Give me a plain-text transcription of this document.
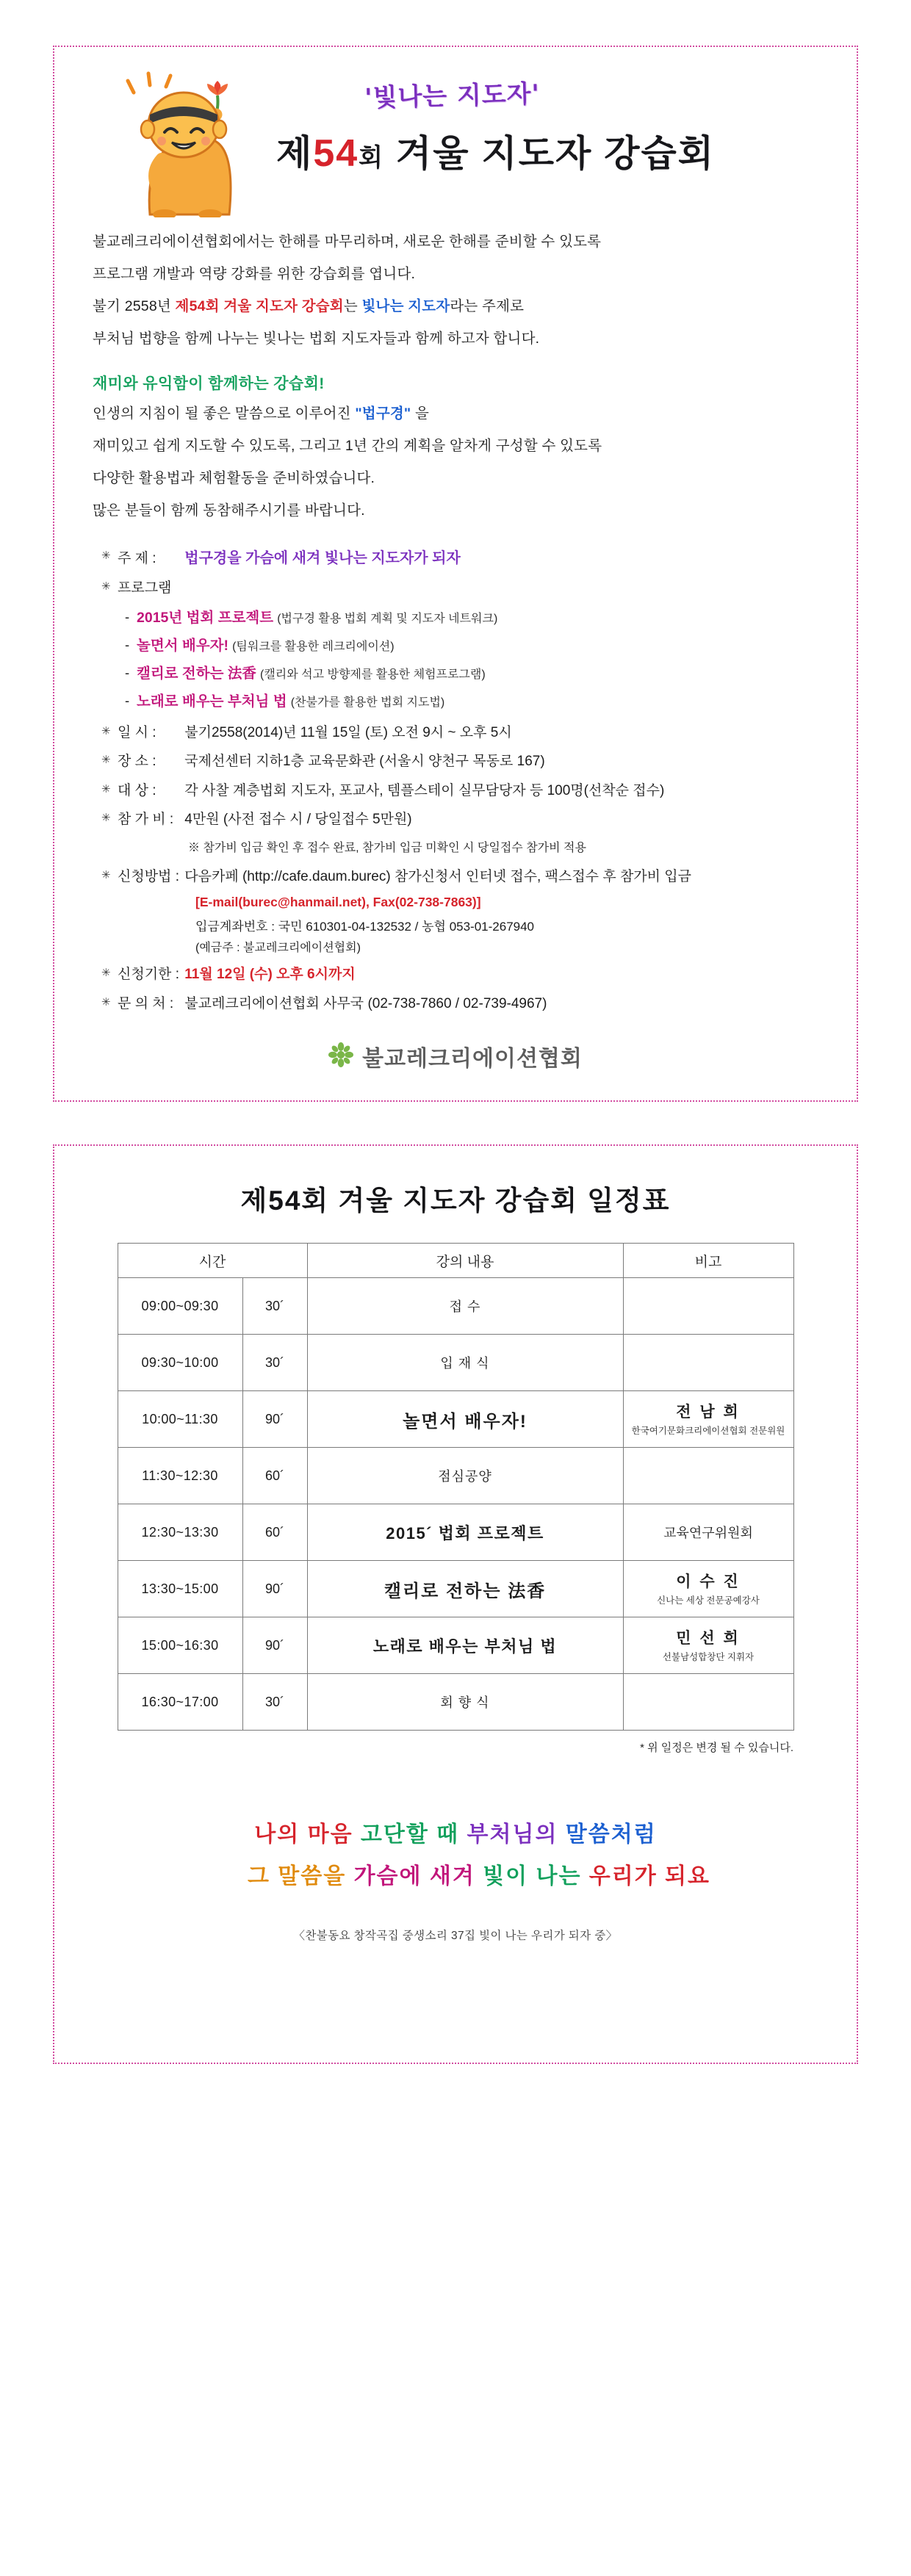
'빛나는 지도자'
제54회 겨울 지도자 강습회
불교레크리에이션협회에서는 한해를 마무리하며, 새로운 한해를 준비할 수 있도록
프로그램 개발과 역량 강화를 위한 강습회를 엽니다.
불기 2558년 제54회 겨울 지도자 강습회는 빛나는 지도자라는 주제로
부처님 법향을 함께 나누는 빛나는 법회 지도자들과 함께 하고자 합니다.
재미와 유익함이 함께하는 강습회!
인생의 지침이 될 좋은 말씀으로 이루어진 "법구경" 을
재미있고 쉽게 지도할 수 있도록, 그리고 1년 간의 계획을 알차게 구성할 수 있도록
다양한 활용법과 체험활동을 준비하였습니다.
많은 분들이 함께 동참해주시기를 바랍니다.
✳ 주 제 : 법구경을 가슴에 새겨 빛나는 지도자가 되자
✳ 프로그램
- 2015년 법회 프로젝트 (법구경 활용 법회 계획 및 지도자 네트워크)
- 놀면서 배우자! (팀워크를 활용한 레크리에이션)
- 캘리로 전하는 法香 (캘리와 석고 방향제를 활용한 체험프로그램)
- 노래로 배우는 부처님 법 (찬불가를 활용한 법회 지도법)
✳ 일 시 : 불기2558(2014)년 11월 15일 (토) 오전 9시 ~ 오후 5시
✳ 장 소 : 국제선센터 지하1층 교육문화관 (서울시 양천구 목동로 167)
✳ 대 상 : 각 사찰 계층법회 지도자, 포교사, 템플스테이 실무담당자 등 100명(선착순 접수)
✳ 참 가 비 : 4만원 (사전 접수 시 / 당일접수 5만원)
※ 참가비 입금 확인 후 접수 완료, 참가비 입금 미확인 시 당일접수 참가비 적용
✳ 신청방법 : 다음카페 (http://cafe.daum.burec) 참가신청서 인터넷 접수, 팩스접수 후 참가비 입금
[E-mail(burec@hanmail.net), Fax(02-738-7863)]
입금계좌번호 : 국민 610301-04-132532 / 농협 053-01-267940
(예금주 : 불교레크리에이션협회)
✳ 신청기한 : 11월 12일 (수) 오후 6시까지
✳ 문 의 처 : 불교레크리에이션협회 사무국 (02-738-7860 / 02-739-4967)
불교레크리에이션협회
제54회 겨울 지도자 강습회 일정표
시간		강의 내용	비고
09:00~09:30	30´	접 수	
09:30~10:00	30´	입 재 식	
10:00~11:30	90´	놀면서 배우자!	전 남 희
한국여기문화크리에이션협회 전문위원

11:30~12:30	60´	점심공양	
12:30~13:30	60´	2015´ 법회 프로젝트	교육연구위원회
13:30~15:00	90´	캘리로 전하는 法香	이 수 진
신나는 세상 전문공예강사

15:00~16:30	90´	노래로 배우는 부처님 법	민 선 희
선불남성합창단 지휘자

16:30~17:00	30´	회 향 식	
* 위 일정은 변경 될 수 있습니다.
나의 마음 고단할 때 부처님의 말씀처럼
그 말씀을 가슴에 새겨 빛이 나는 우리가 되요
〈찬불동요 창작곡집 중생소리 37집 빛이 나는 우리가 되자 중〉
